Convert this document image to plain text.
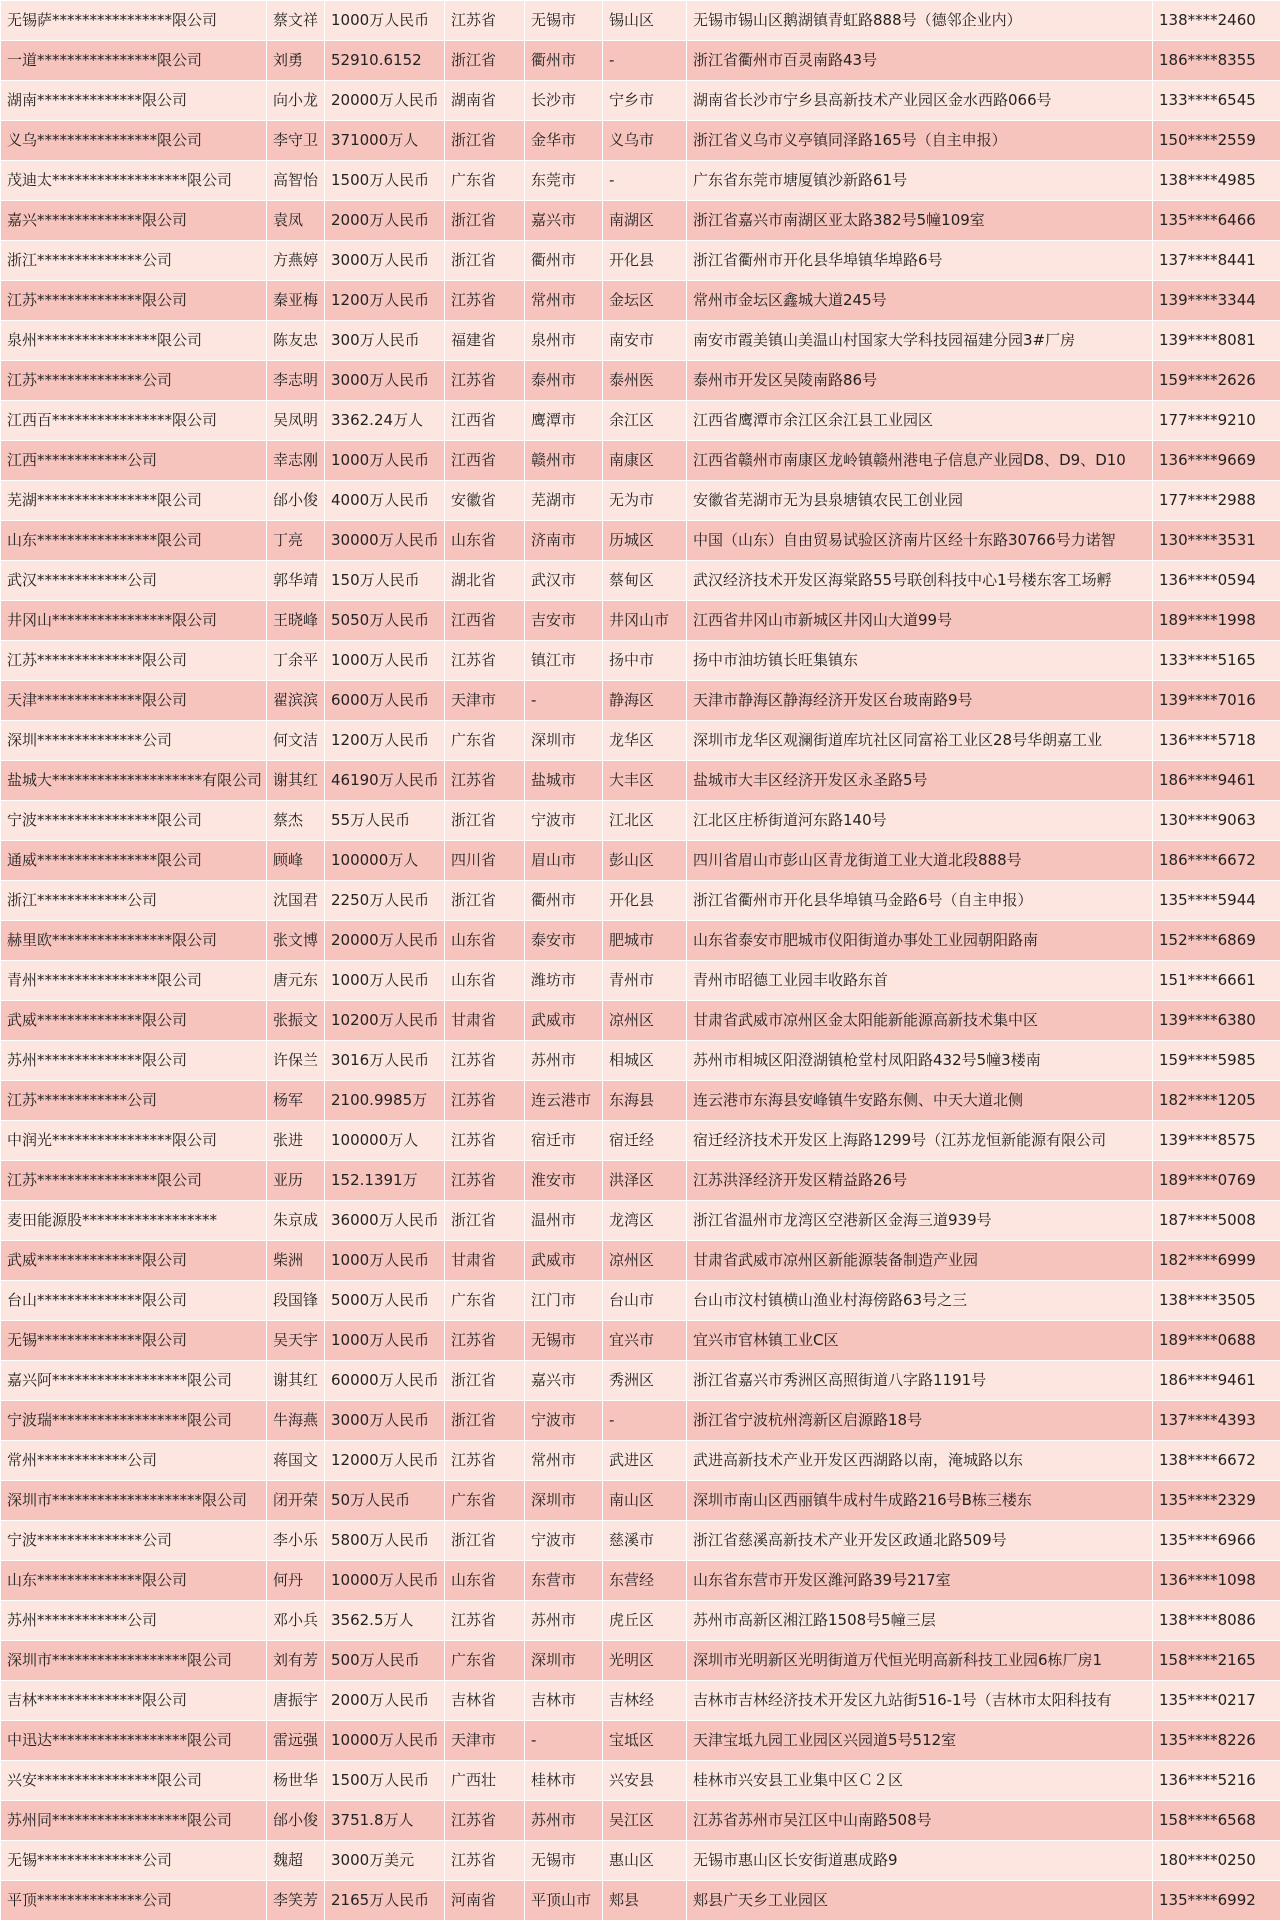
无锡萨****************限公司	蔡文祥	1000万人民币	江苏省	无锡市	锡山区	无锡市锡山区鹅湖镇青虹路888号（德邻企业内）	138****2460
一道****************限公司	刘勇	52910.6152	浙江省	衢州市	-	浙江省衢州市百灵南路43号	186****8355
湖南**************限公司	向小龙	20000万人民币	湖南省	长沙市	宁乡市	湖南省长沙市宁乡县高新技术产业园区金水西路066号	133****6545
义乌****************限公司	李守卫	371000万人	浙江省	金华市	义乌市	浙江省义乌市义亭镇同泽路165号（自主申报）	150****2559
茂迪太******************限公司	高智怡	1500万人民币	广东省	东莞市	-	广东省东莞市塘厦镇沙新路61号	138****4985
嘉兴**************限公司	袁凤	2000万人民币	浙江省	嘉兴市	南湖区	浙江省嘉兴市南湖区亚太路382号5幢109室	135****6466
浙江**************公司	方燕婷	3000万人民币	浙江省	衢州市	开化县	浙江省衢州市开化县华埠镇华埠路6号	137****8441
江苏**************限公司	秦亚梅	1200万人民币	江苏省	常州市	金坛区	常州市金坛区鑫城大道245号	139****3344
泉州****************限公司	陈友忠	300万人民币	福建省	泉州市	南安市	南安市霞美镇山美温山村国家大学科技园福建分园3#厂房	139****8081
江苏**************公司	李志明	3000万人民币	江苏省	泰州市	泰州医	泰州市开发区吴陵南路86号	159****2626
江西百****************限公司	吴凤明	3362.24万人	江西省	鹰潭市	余江区	江西省鹰潭市余江区余江县工业园区	177****9210
江西************公司	幸志刚	1000万人民币	江西省	赣州市	南康区	江西省赣州市南康区龙岭镇赣州港电子信息产业园D8、D9、D10	136****9669
芜湖****************限公司	邰小俊	4000万人民币	安徽省	芜湖市	无为市	安徽省芜湖市无为县泉塘镇农民工创业园	177****2988
山东****************限公司	丁亮	30000万人民币	山东省	济南市	历城区	中国（山东）自由贸易试验区济南片区经十东路30766号力诺智	130****3531
武汉************公司	郭华靖	150万人民币	湖北省	武汉市	蔡甸区	武汉经济技术开发区海棠路55号联创科技中心1号楼东客工场孵	136****0594
井冈山****************限公司	王晓峰	5050万人民币	江西省	吉安市	井冈山市	江西省井冈山市新城区井冈山大道99号	189****1998
江苏**************限公司	丁余平	1000万人民币	江苏省	镇江市	扬中市	扬中市油坊镇长旺集镇东	133****5165
天津**************限公司	翟滨滨	6000万人民币	天津市	-	静海区	天津市静海区静海经济开发区台玻南路9号	139****7016
深圳**************公司	何文洁	1200万人民币	广东省	深圳市	龙华区	深圳市龙华区观澜街道库坑社区同富裕工业区28号华朗嘉工业	136****5718
盐城大********************有限公司	谢其红	46190万人民币	江苏省	盐城市	大丰区	盐城市大丰区经济开发区永圣路5号	186****9461
宁波****************限公司	蔡杰	55万人民币	浙江省	宁波市	江北区	江北区庄桥街道河东路140号	130****9063
通威****************限公司	顾峰	100000万人	四川省	眉山市	彭山区	四川省眉山市彭山区青龙街道工业大道北段888号	186****6672
浙江************公司	沈国君	2250万人民币	浙江省	衢州市	开化县	浙江省衢州市开化县华埠镇马金路6号（自主申报）	135****5944
赫里欧****************限公司	张文博	20000万人民币	山东省	泰安市	肥城市	山东省泰安市肥城市仪阳街道办事处工业园朝阳路南	152****6869
青州****************限公司	唐元东	1000万人民币	山东省	潍坊市	青州市	青州市昭德工业园丰收路东首	151****6661
武威**************限公司	张振文	10200万人民币	甘肃省	武威市	凉州区	甘肃省武威市凉州区金太阳能新能源高新技术集中区	139****6380
苏州**************限公司	许保兰	3016万人民币	江苏省	苏州市	相城区	苏州市相城区阳澄湖镇枪堂村凤阳路432号5幢3楼南	159****5985
江苏************公司	杨军	2100.9985万	江苏省	连云港市	东海县	连云港市东海县安峰镇牛安路东侧、中天大道北侧	182****1205
中润光****************限公司	张进	100000万人	江苏省	宿迁市	宿迁经	宿迁经济技术开发区上海路1299号（江苏龙恒新能源有限公司	139****8575
江苏****************限公司	亚历	152.1391万	江苏省	淮安市	洪泽区	江苏洪泽经济开发区精益路26号	189****0769
麦田能源股******************	朱京成	36000万人民币	浙江省	温州市	龙湾区	浙江省温州市龙湾区空港新区金海三道939号	187****5008
武威**************限公司	柴洲	1000万人民币	甘肃省	武威市	凉州区	甘肃省武威市凉州区新能源装备制造产业园	182****6999
台山**************限公司	段国锋	5000万人民币	广东省	江门市	台山市	台山市汶村镇横山渔业村海傍路63号之三	138****3505
无锡**************限公司	吴天宇	1000万人民币	江苏省	无锡市	宜兴市	宜兴市官林镇工业C区	189****0688
嘉兴阿******************限公司	谢其红	60000万人民币	浙江省	嘉兴市	秀洲区	浙江省嘉兴市秀洲区高照街道八字路1191号	186****9461
宁波瑞******************限公司	牛海燕	3000万人民币	浙江省	宁波市	-	浙江省宁波杭州湾新区启源路18号	137****4393
常州************公司	蒋国文	12000万人民币	江苏省	常州市	武进区	武进高新技术产业开发区西湖路以南，淹城路以东	138****6672
深圳市********************限公司	闭开荣	50万人民币	广东省	深圳市	南山区	深圳市南山区西丽镇牛成村牛成路216号B栋三楼东	135****2329
宁波**************公司	李小乐	5800万人民币	浙江省	宁波市	慈溪市	浙江省慈溪高新技术产业开发区政通北路509号	135****6966
山东**************限公司	何丹	10000万人民币	山东省	东营市	东营经	山东省东营市开发区潍河路39号217室	136****1098
苏州************公司	邓小兵	3562.5万人	江苏省	苏州市	虎丘区	苏州市高新区湘江路1508号5幢三层	138****8086
深圳市******************限公司	刘有芳	500万人民币	广东省	深圳市	光明区	深圳市光明新区光明街道万代恒光明高新科技工业园6栋厂房1	158****2165
吉林**************限公司	唐振宇	2000万人民币	吉林省	吉林市	吉林经	吉林市吉林经济技术开发区九站街516-1号（吉林市太阳科技有	135****0217
中迅达******************限公司	雷远强	10000万人民币	天津市	-	宝坻区	天津宝坻九园工业园区兴园道5号512室	135****8226
兴安****************限公司	杨世华	1500万人民币	广西壮	桂林市	兴安县	桂林市兴安县工业集中区Ｃ２区	136****5216
苏州同******************限公司	邰小俊	3751.8万人	江苏省	苏州市	吴江区	江苏省苏州市吴江区中山南路508号	158****6568
无锡**************公司	魏超	3000万美元	江苏省	无锡市	惠山区	无锡市惠山区长安街道惠成路9	180****0250
平顶**************公司	李笑芳	2165万人民币	河南省	平顶山市	郏县	郏县广天乡工业园区	135****6992
